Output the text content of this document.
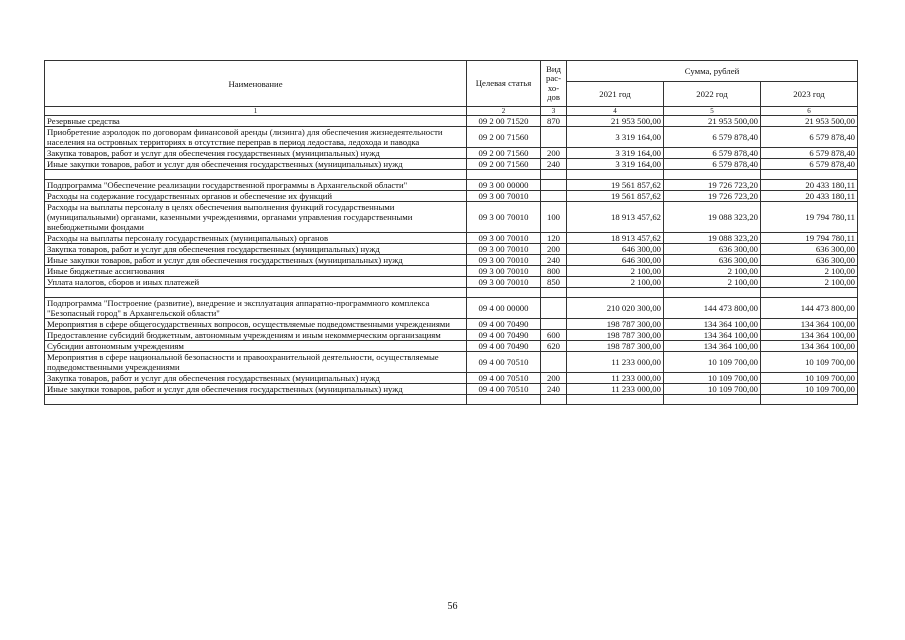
Наименование	Целевая статья	Вид рас- хо- дов	Сумма, рублей		
			2021 год	2022 год	2023 год
1	2	3	4	5	6
Резервные средства	09 2 00 71520	870	21 953 500,00	21 953 500,00	21 953 500,00
Приобретение аэролодок по договорам финансовой аренды (лизинга) для обеспечения жизнедеятельности населения на островных территориях в отсутствие переправ в период ледостава, ледохода и паводка	09 2 00 71560		3 319 164,00	6 579 878,40	6 579 878,40
Закупка товаров, работ и услуг для обеспечения государственных (муниципальных) нужд	09 2 00 71560	200	3 319 164,00	6 579 878,40	6 579 878,40
Иные закупки товаров, работ и услуг для обеспечения государственных (муниципальных) нужд	09 2 00 71560	240	3 319 164,00	6 579 878,40	6 579 878,40

Подпрограмма "Обеспечение реализации государственной программы в Архангельской области"	09 3 00 00000		19 561 857,62	19 726 723,20	20 433 180,11
Расходы на содержание государственных органов и обеспечение их функций	09 3 00 70010		19 561 857,62	19 726 723,20	20 433 180,11
Расходы на выплаты персоналу в целях обеспечения выполнения функций государственными (муниципальными) органами, казенными учреждениями, органами управления государственными внебюджетными фондами	09 3 00 70010	100	18 913 457,62	19 088 323,20	19 794 780,11
Расходы на выплаты персоналу государственных (муниципальных) органов	09 3 00 70010	120	18 913 457,62	19 088 323,20	19 794 780,11
Закупка товаров, работ и услуг для обеспечения государственных (муниципальных) нужд	09 3 00 70010	200	646 300,00	636 300,00	636 300,00
Иные закупки товаров, работ и услуг для обеспечения государственных (муниципальных) нужд	09 3 00 70010	240	646 300,00	636 300,00	636 300,00
Иные бюджетные ассигнования	09 3 00 70010	800	2 100,00	2 100,00	2 100,00
Уплата налогов, сборов и иных платежей	09 3 00 70010	850	2 100,00	2 100,00	2 100,00

Подпрограмма "Построение (развитие), внедрение и эксплуатация аппаратно-программного комплекса "Безопасный город" в Архангельской области"	09 4 00 00000		210 020 300,00	144 473 800,00	144 473 800,00
Мероприятия в сфере общегосударственных вопросов, осуществляемые подведомственными учреждениями	09 4 00 70490		198 787 300,00	134 364 100,00	134 364 100,00
Предоставление субсидий бюджетным, автономным учреждениям и иным некоммерческим организациям	09 4 00 70490	600	198 787 300,00	134 364 100,00	134 364 100,00
Субсидии автономным учреждениям	09 4 00 70490	620	198 787 300,00	134 364 100,00	134 364 100,00
Мероприятия в сфере национальной безопасности и правоохранительной деятельности, осуществляемые подведомственными учреждениями	09 4 00 70510		11 233 000,00	10 109 700,00	10 109 700,00
Закупка товаров, работ и услуг для обеспечения государственных (муниципальных) нужд	09 4 00 70510	200	11 233 000,00	10 109 700,00	10 109 700,00
Иные закупки товаров, работ и услуг для обеспечения государственных (муниципальных) нужд	09 4 00 70510	240	11 233 000,00	10 109 700,00	10 109 700,00

56
